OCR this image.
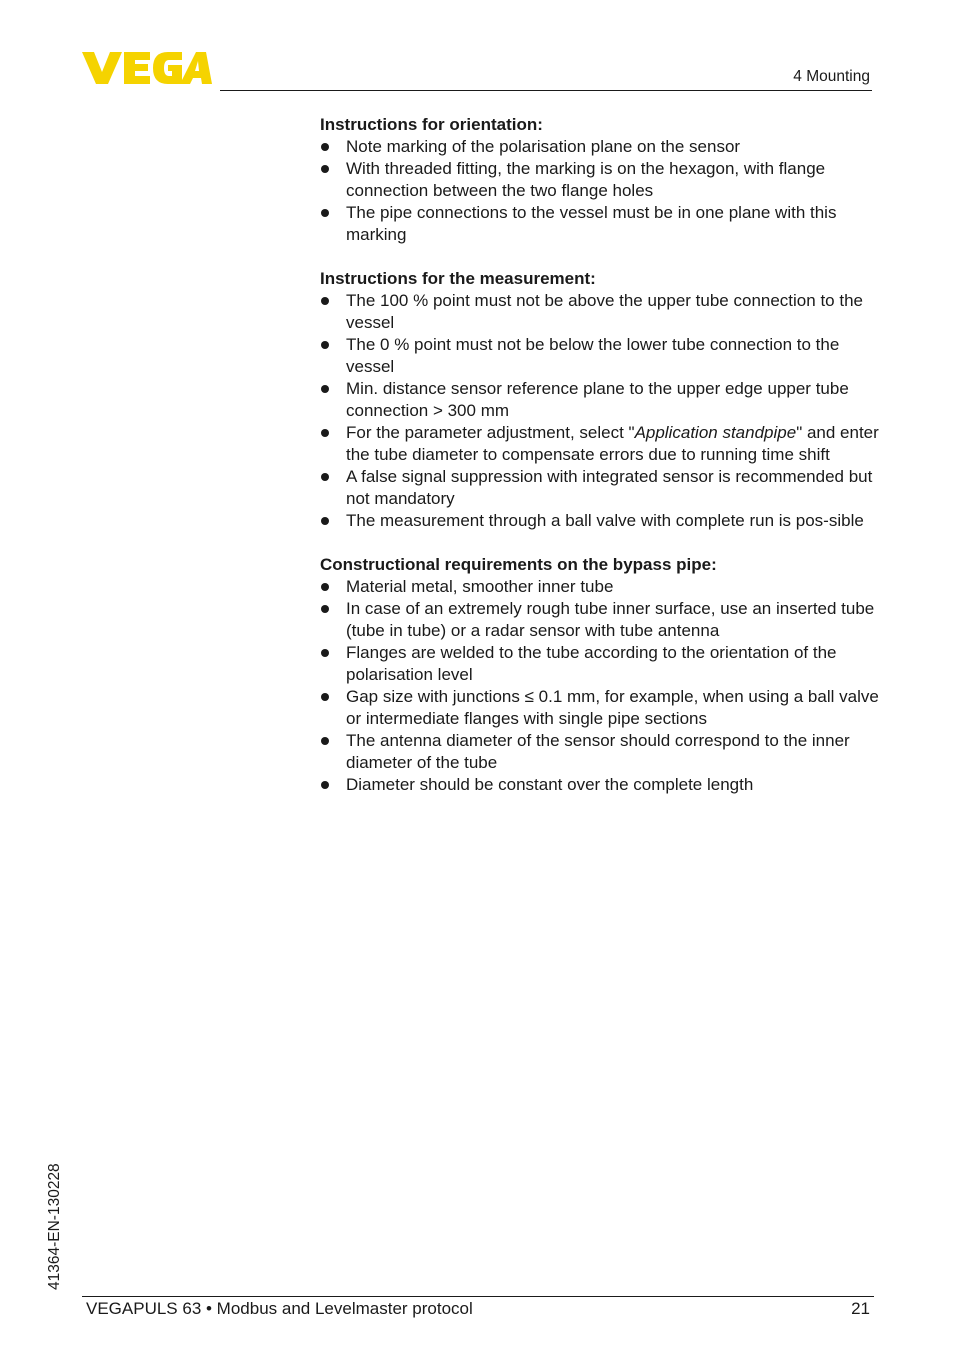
4 Mounting

Instructions for orientation:

Note marking of the polarisation plane on the sensor
With threaded fitting, the marking is on the hexagon, with flange connection between the two flange holes
The pipe connections to the vessel must be in one plane with this marking

Instructions for the measurement:

The 100 % point must not be above the upper tube connection to the vessel
The 0 % point must not be below the lower tube connection to the vessel
Min. distance sensor reference plane to the upper edge upper tube connection > 300 mm
For the parameter adjustment, select "Application standpipe" and enter the tube diameter to compensate errors due to running time shift
A false signal suppression with integrated sensor is recommended but not mandatory
The measurement through a ball valve with complete run is pos-sible

Constructional requirements on the bypass pipe:

Material metal, smoother inner tube
In case of an extremely rough tube inner surface, use an inserted tube (tube in tube) or a radar sensor with tube antenna
Flanges are welded to the tube according to the orientation of the polarisation level
Gap size with junctions ≤ 0.1 mm, for example, when using a ball valve or intermediate flanges with single pipe sections
The antenna diameter of the sensor should correspond to the inner diameter of the tube
Diameter should be constant over the complete length
41364-EN-130228
VEGAPULS 63 • Modbus and Levelmaster protocol	21
